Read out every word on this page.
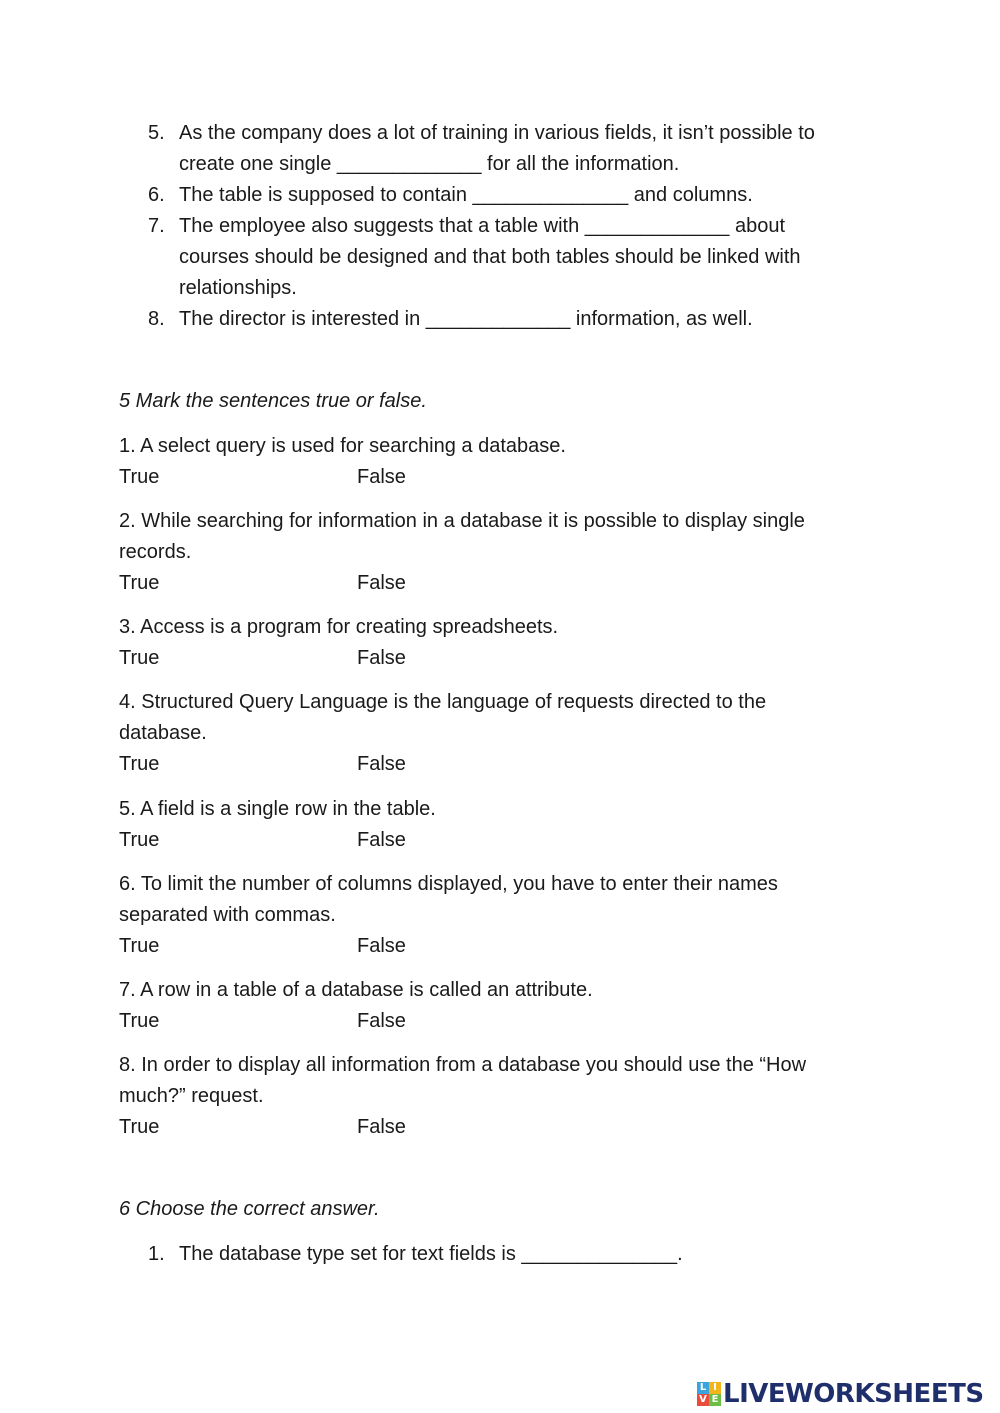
5. As the company does a lot of training in various fields, it isn’t possible to
create one single _____________ for all the information.
6. The table is supposed to contain ______________ and columns.
7. The employee also suggests that a table with _____________ about
courses should be designed and that both tables should be linked with
relationships.
8. The director is interested in _____________ information, as well.
5 Mark the sentences true or false.
1. A select query is used for searching a database.
True	False
2. While searching for information in a database it is possible to display single
records.
True	False
3. Access is a program for creating spreadsheets.
True	False
4. Structured Query Language is the language of requests directed to the
database.
True	False
5. A field is a single row in the table.
True	False
6. To limit the number of columns displayed, you have to enter their names
separated with commas.
True	False
7. A row in a table of a database is called an attribute.
True	False
8. In order to display all information from a database you should use the “How
much?” request.
True	False
6 Choose the correct answer.
1. The database type set for text fields is ______________.
L I
V E LIVEWORKSHEETS
